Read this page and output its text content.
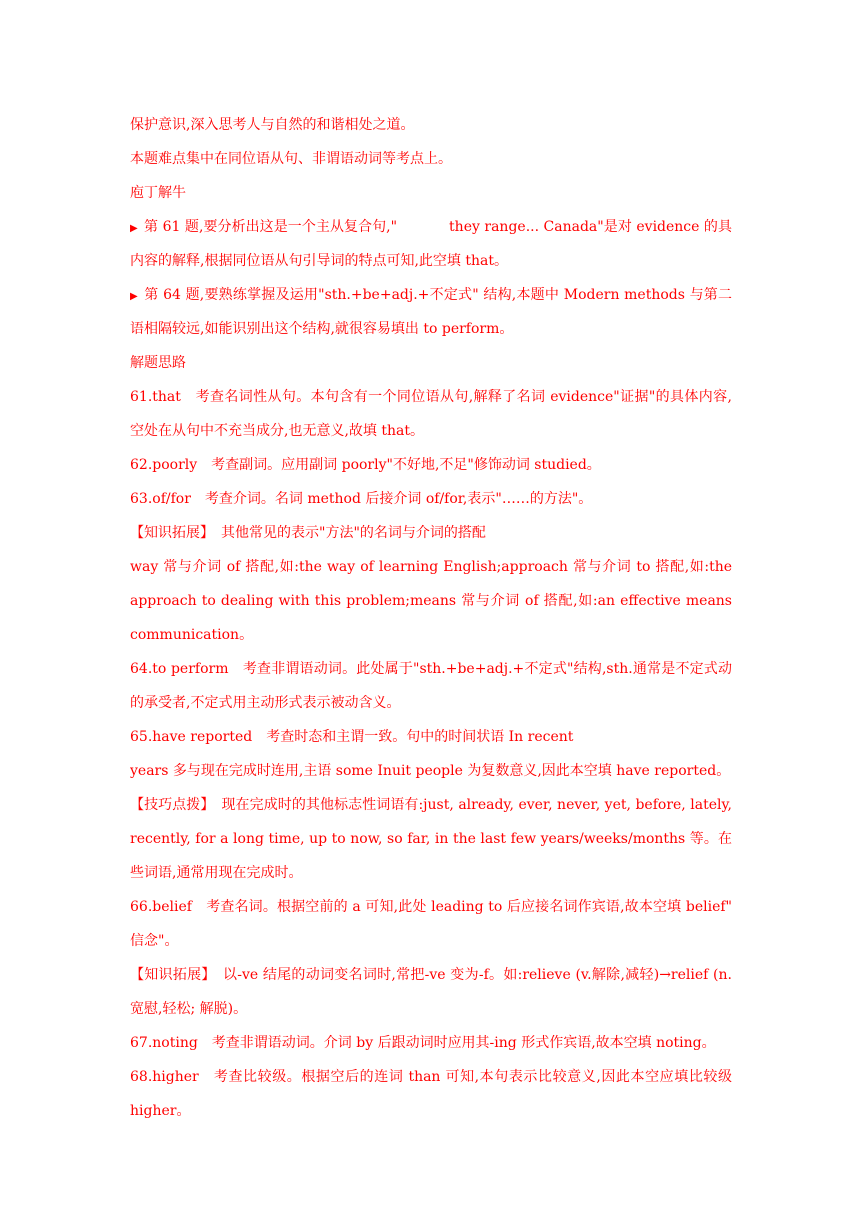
保护意识,深入思考人与自然的和谐相处之道。
本题难点集中在同位语从句、非谓语动词等考点上。
庖丁解牛
▶ 第 61 题,要分析出这是一个主从复合句,"	they range... Canada"是对 evidence 的具
内容的解释,根据同位语从句引导词的特点可知,此空填 that。
▶ 第 64 题,要熟练掌握及运用"sth.+be+adj.+不定式" 结构,本题中 Modern methods 与第二
语相隔较远,如能识别出这个结构,就很容易填出 to perform。
解题思路
61.that　考查名词性从句。本句含有一个同位语从句,解释了名词 evidence"证据"的具体内容,
空处在从句中不充当成分,也无意义,故填 that。
62.poorly　考查副词。应用副词 poorly"不好地,不足"修饰动词 studied。
63.of/for　考查介词。名词 method 后接介词 of/for,表示"……的方法"。
【知识拓展】　其他常见的表示"方法"的名词与介词的搭配
way 常与介词 of 搭配,如:the way of learning English;approach 常与介词 to 搭配,如:the
approach to dealing with this problem;means 常与介词 of 搭配,如:an effective means
communication。
64.to perform　考查非谓语动词。此处属于"sth.+be+adj.+不定式"结构,sth.通常是不定式动
的承受者,不定式用主动形式表示被动含义。
65.have reported　考查时态和主谓一致。句中的时间状语 In recent
years 多与现在完成时连用,主语 some Inuit people 为复数意义,因此本空填 have reported。
【技巧点拨】　现在完成时的其他标志性词语有:just, already, ever, never, yet, before, lately,
recently, for a long time, up to now, so far, in the last few years/weeks/months 等。在
些词语,通常用现在完成时。
66.belief　考查名词。根据空前的 a 可知,此处 leading to 后应接名词作宾语,故本空填 belief"
信念"。
【知识拓展】　以-ve 结尾的动词变名词时,常把-ve 变为-f。如:relieve (v.解除,减轻)→relief (n.
宽慰,轻松; 解脱)。
67.noting　考查非谓语动词。介词 by 后跟动词时应用其-ing 形式作宾语,故本空填 noting。
68.higher　考查比较级。根据空后的连词 than 可知,本句表示比较意义,因此本空应填比较级
higher。
